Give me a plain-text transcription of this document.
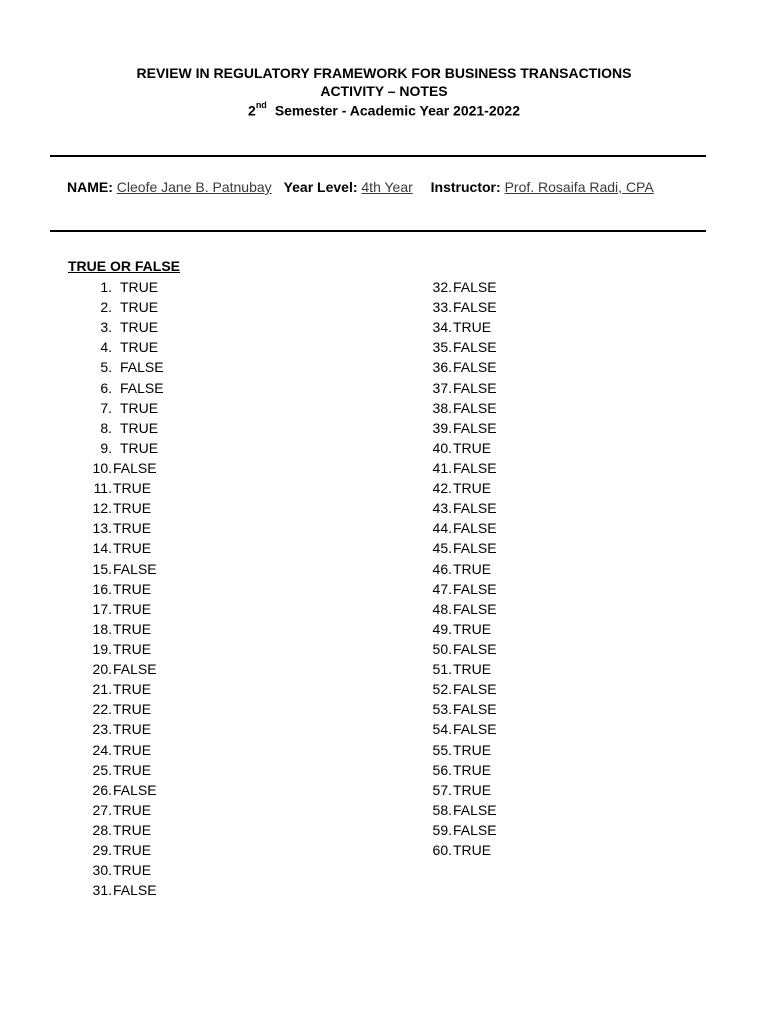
REVIEW IN REGULATORY FRAMEWORK FOR BUSINESS TRANSACTIONS
ACTIVITY – NOTES
2nd Semester - Academic Year 2021-2022
NAME: Cleofe Jane B. Patnubay Year Level: 4th Year Instructor: Prof. Rosaifa Radi, CPA
TRUE OR FALSE
1. TRUE
2. TRUE
3. TRUE
4. TRUE
5. FALSE
6. FALSE
7. TRUE
8. TRUE
9. TRUE
10.FALSE
11.TRUE
12.TRUE
13.TRUE
14.TRUE
15.FALSE
16.TRUE
17.TRUE
18.TRUE
19.TRUE
20.FALSE
21.TRUE
22.TRUE
23.TRUE
24.TRUE
25.TRUE
26.FALSE
27.TRUE
28.TRUE
29.TRUE
30.TRUE
31.FALSE
32.FALSE
33.FALSE
34.TRUE
35.FALSE
36.FALSE
37.FALSE
38.FALSE
39.FALSE
40.TRUE
41.FALSE
42.TRUE
43.FALSE
44.FALSE
45.FALSE
46.TRUE
47.FALSE
48.FALSE
49.TRUE
50.FALSE
51.TRUE
52.FALSE
53.FALSE
54.FALSE
55.TRUE
56.TRUE
57.TRUE
58.FALSE
59.FALSE
60.TRUE
